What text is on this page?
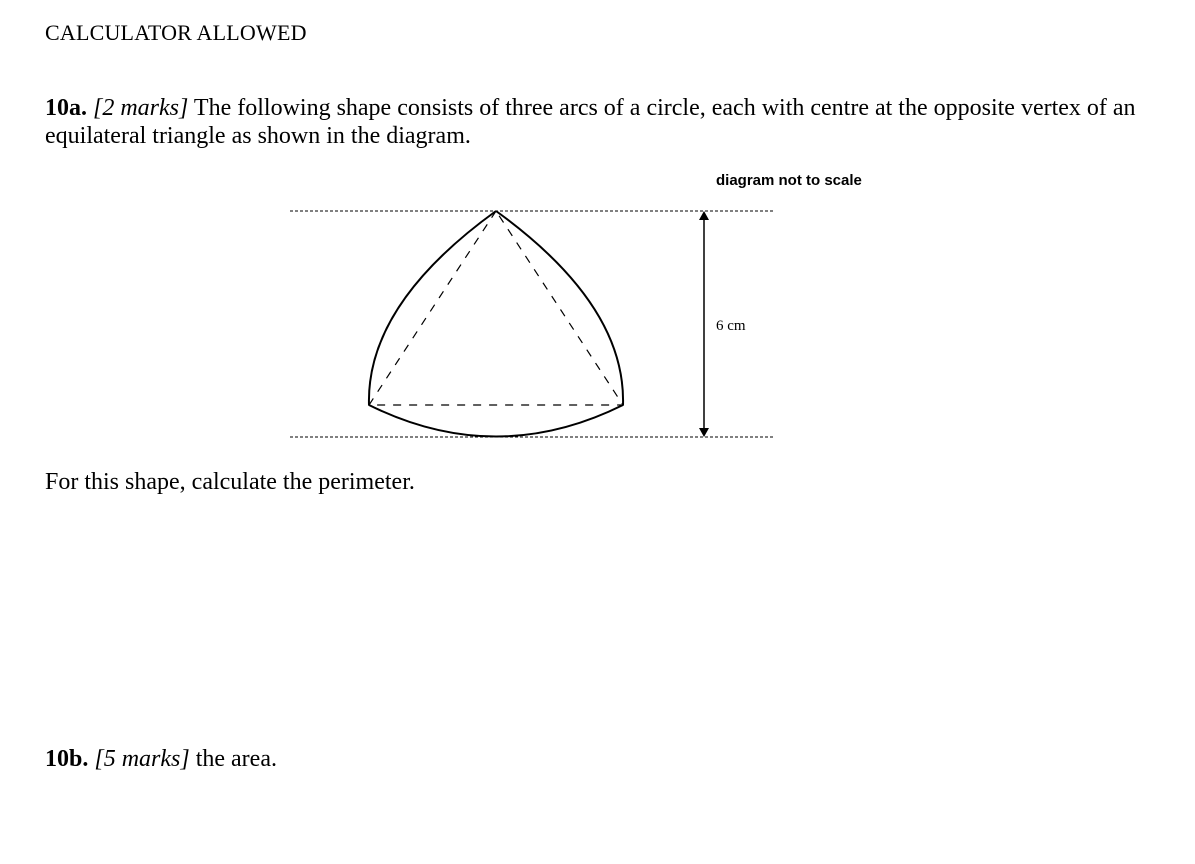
CALCULATOR ALLOWED
10a. [2 marks] The following shape consists of three arcs of a circle, each with centre at the opposite vertex of an equilateral triangle as shown in the diagram.
6 cm
diagram not to scale
For this shape, calculate the perimeter.
10b. [5 marks] the area.
